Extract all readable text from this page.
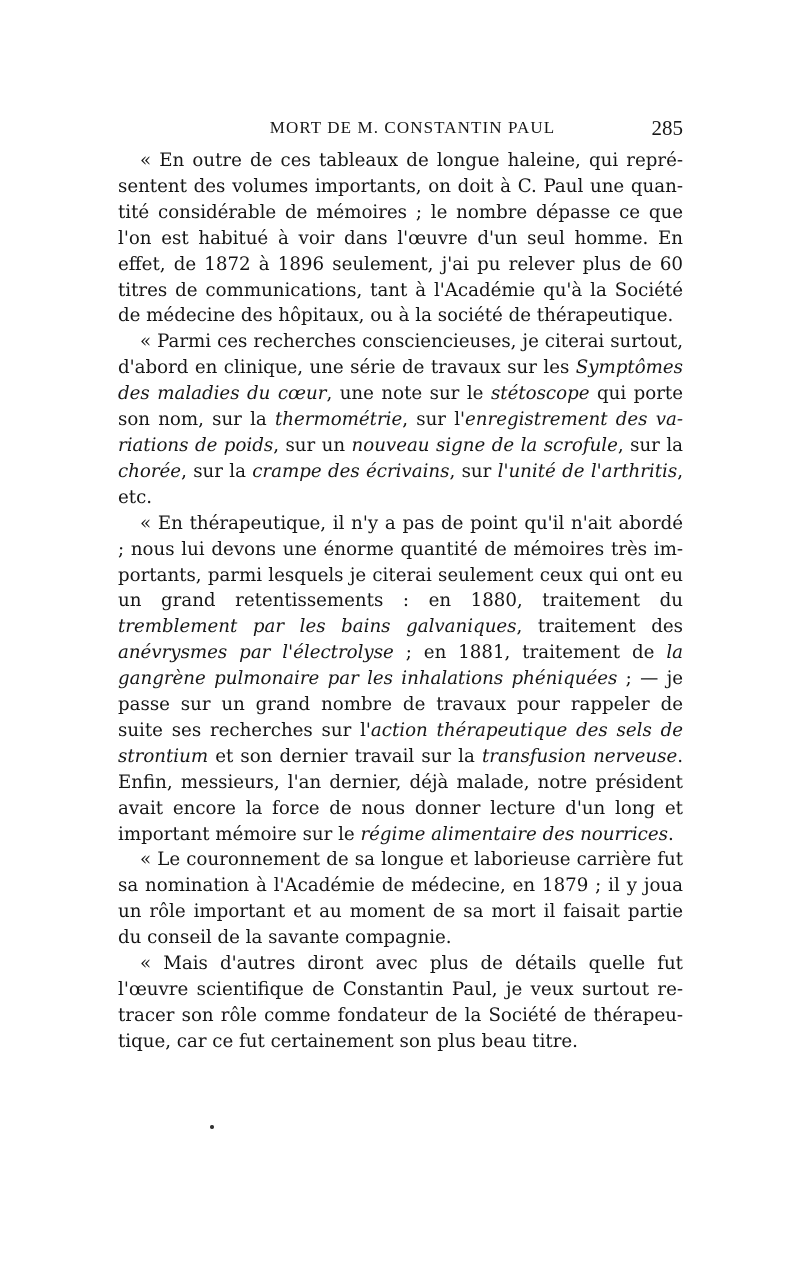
MORT DE M. CONSTANTIN PAUL	285

« En outre de ces tableaux de longue haleine, qui représentent des volumes importants, on doit à C. Paul une quantité considérable de mémoires ; le nombre dépasse ce que l'on est habitué à voir dans l'œuvre d'un seul homme. En effet, de 1872 à 1896 seulement, j'ai pu relever plus de 60 titres de communications, tant à l'Académie qu'à la Société de médecine des hôpitaux, ou à la société de thérapeutique.

« Parmi ces recherches consciencieuses, je citerai surtout, d'abord en clinique, une série de travaux sur les Symptômes des maladies du cœur, une note sur le stétoscope qui porte son nom, sur la thermométrie, sur l'enregistrement des variations de poids, sur un nouveau signe de la scrofule, sur la chorée, sur la crampe des écrivains, sur l'unité de l'arthritis, etc.

« En thérapeutique, il n'y a pas de point qu'il n'ait abordé ; nous lui devons une énorme quantité de mémoires très importants, parmi lesquels je citerai seulement ceux qui ont eu un grand retentissements : en 1880, traitement du tremblement par les bains galvaniques, traitement des anévrysmes par l'électrolyse ; en 1881, traitement de la gangrène pulmonaire par les inhalations phéniquées ; — je passe sur un grand nombre de travaux pour rappeler de suite ses recherches sur l'action thérapeutique des sels de strontium et son dernier travail sur la transfusion nerveuse. Enfin, messieurs, l'an dernier, déjà malade, notre président avait encore la force de nous donner lecture d'un long et important mémoire sur le régime alimentaire des nourrices.

« Le couronnement de sa longue et laborieuse carrière fut sa nomination à l'Académie de médecine, en 1879 ; il y joua un rôle important et au moment de sa mort il faisait partie du conseil de la savante compagnie.

« Mais d'autres diront avec plus de détails quelle fut l'œuvre scientifique de Constantin Paul, je veux surtout retracer son rôle comme fondateur de la Société de thérapeutique, car ce fut certainement son plus beau titre.
